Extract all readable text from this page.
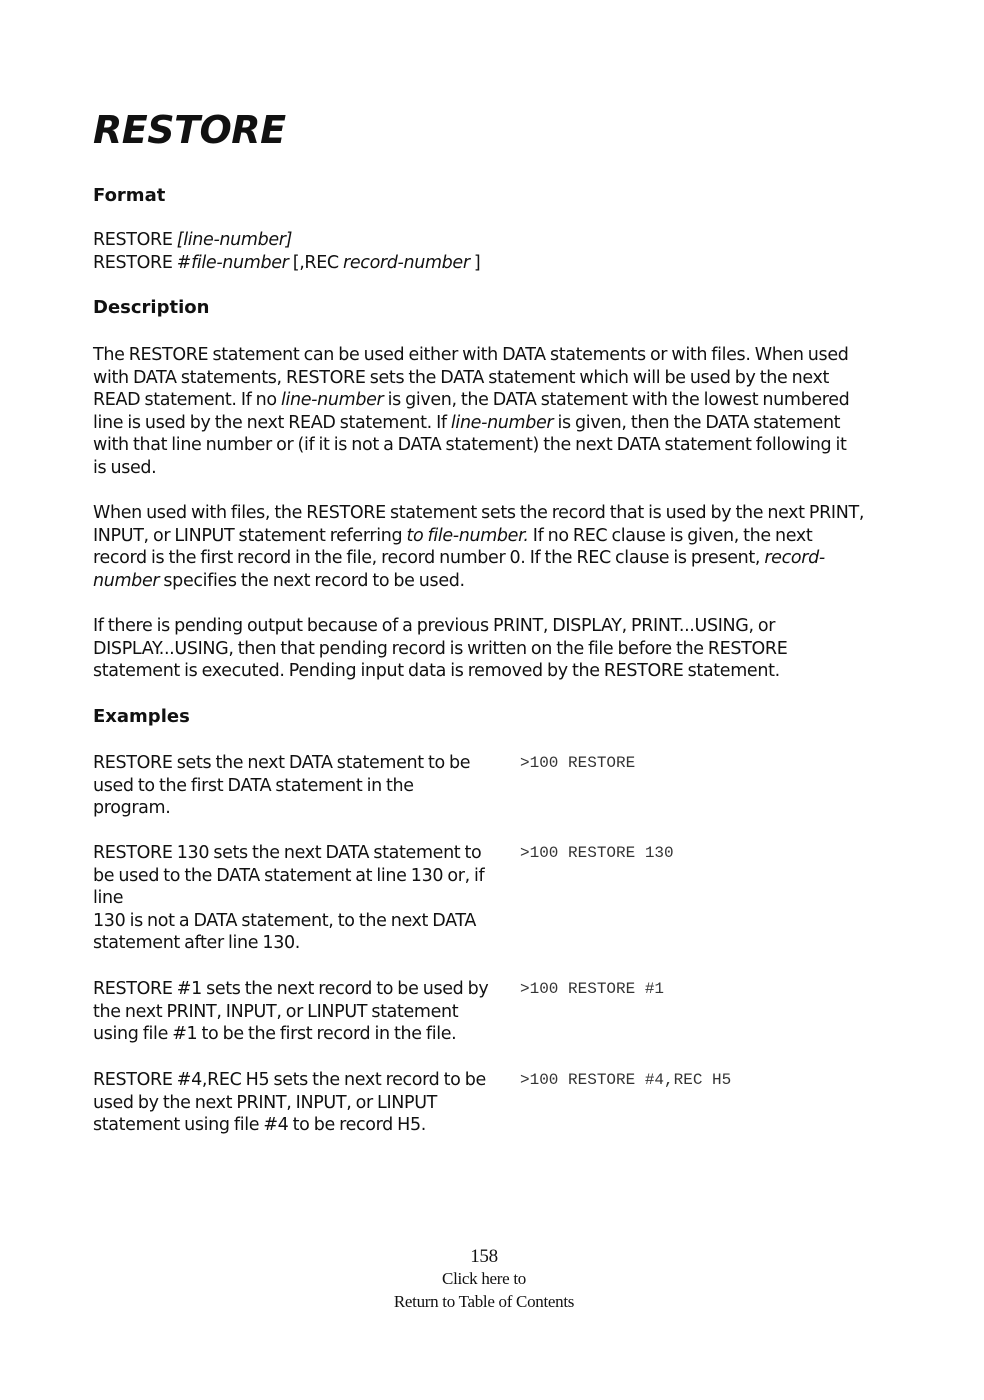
RESTORE
Format
RESTORE [line-number]
RESTORE #file-number [,REC record-number ]
Description

The RESTORE statement can be used either with DATA statements or with files. When used
with DATA statements, RESTORE sets the DATA statement which will be used by the next
READ statement. If no line-number is given, the DATA statement with the lowest numbered
line is used by the next READ statement. If line-number is given, then the DATA statement
with that line number or (if it is not a DATA statement) the next DATA statement following it
is used.

When used with files, the RESTORE statement sets the record that is used by the next PRINT,
INPUT, or LINPUT statement referring to file-number. If no REC clause is given, the next
record is the first record in the file, record number 0. If the REC clause is present, record-
number specifies the next record to be used.

If there is pending output because of a previous PRINT, DISPLAY, PRINT...USING, or
DISPLAY...USING, then that pending record is written on the file before the RESTORE
statement is executed. Pending input data is removed by the RESTORE statement.

Examples

RESTORE sets the next DATA statement to be
used to the first DATA statement in the
program.

>100 RESTORE

RESTORE 130 sets the next DATA statement to
be used to the DATA statement at line 130 or, if
line
130 is not a DATA statement, to the next DATA
statement after line 130.

>100 RESTORE 130

RESTORE #1 sets the next record to be used by
the next PRINT, INPUT, or LINPUT statement
using file #1 to be the first record in the file.

>100 RESTORE #1

RESTORE #4,REC H5 sets the next record to be
used by the next PRINT, INPUT, or LINPUT
statement using file #4 to be record H5.

>100 RESTORE #4,REC H5
158
Click here to
Return to Table of Contents
